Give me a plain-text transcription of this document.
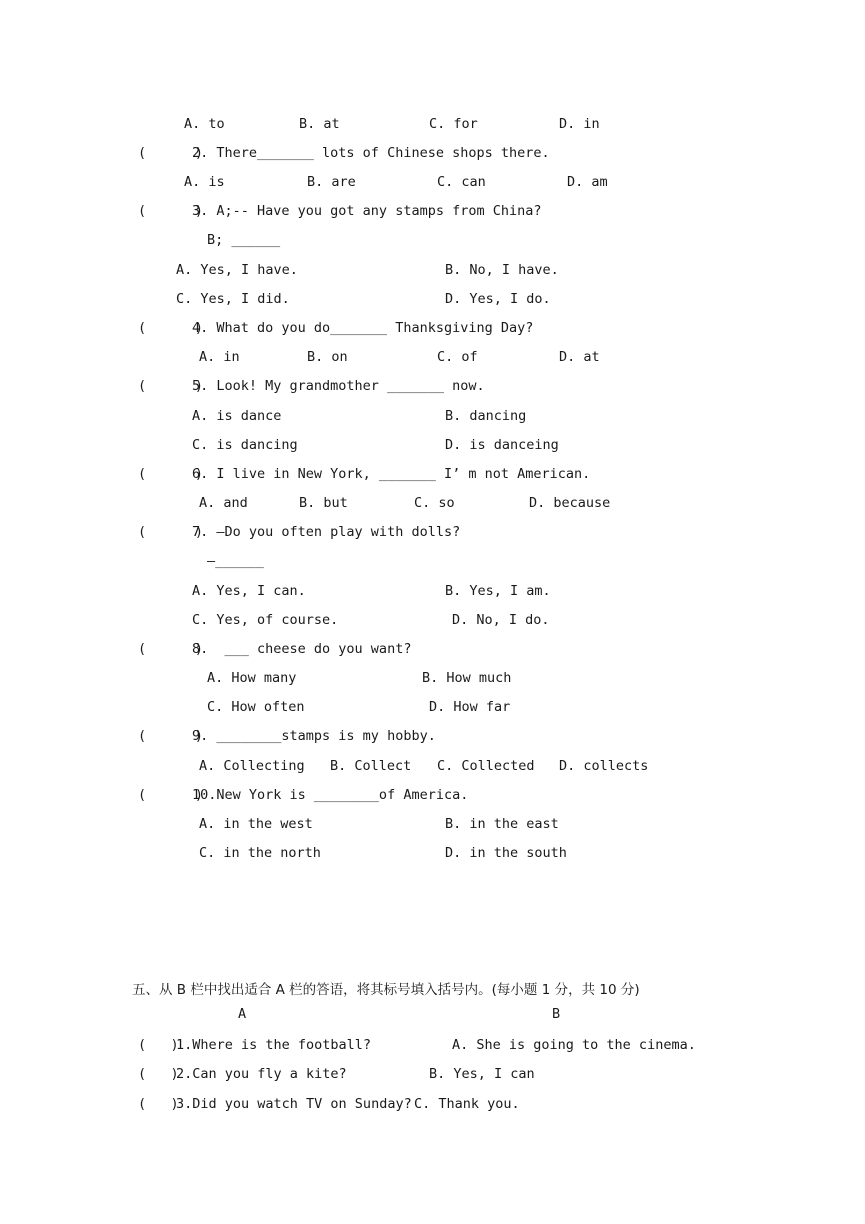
A. to	B. at	C. for	D. in
(      )
2. There_______ lots of Chinese shops there.
A. is	B. are	C. can	D. am
(      )
3. A;-- Have you got any stamps from China?
B; ______
A. Yes, I have.	B. No, I have.
C. Yes, I did.	D. Yes, I do.
(      )
4. What do you do_______ Thanksgiving Day?
A. in	B. on	C. of	D. at
(      )
5. Look! My grandmother _______ now.
A. is dance	B. dancing
C. is dancing	D. is danceing
(      )
6. I live in New York, _______ I’ m not American.
A. and	B. but	C. so	D. because
(      )
7. —Do you often play with dolls?
—______
A. Yes, I can.	B. Yes, I am.
C. Yes, of course.	D. No, I do.
(      )
8.  ___ cheese do you want?
A. How many	B. How much
C. How often	D. How far
(      )
9. ________stamps is my hobby.
A. Collecting B. Collect C. Collected D. collects
(      )
10.New York is ________of America.
A. in the west	B. in the east
C. in the north	D. in the south
五、从 B 栏中找出适合 A 栏的答语，将其标号填入括号内。(每小题 1 分，共 10 分)
A	B
(   )
1.Where is the football?	A. She is going to the cinema.
(   )
2.Can you fly a kite?	B. Yes, I can
(   )
3.Did you watch TV on Sunday? C. Thank you.
